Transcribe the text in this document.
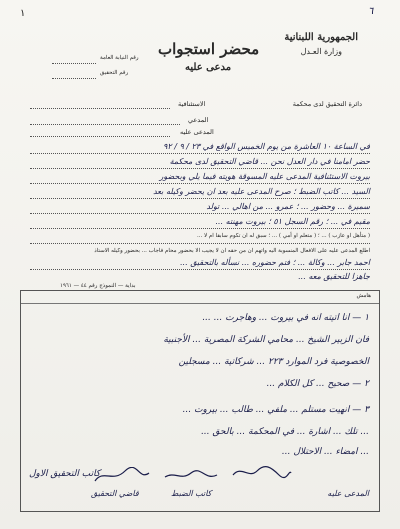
١	٦
الجمهورية اللبنانية
وزارة العـدل
محضر استجواب
مدعى عليه
رقم النيابة العامة
رقم التحقيق
دائرة التحقيق لدى محكمة
الاستئنافية
المدعي
المدعى عليه
في الساعة ١٠ العاشرة من يوم الخميس الواقع في ٢٣ / ٩ / ٩٢
حضر امامنا في دار العدل نحن ... قاضي التحقيق لدى محكمة
بيروت الاستئنافية المدعى عليه المسوقة هويته فيما يلي وبحضور
السيد ... كاتب الضبط ؛ صرح المدعى عليه بعد ان يحضر وكيله بعد
سميرة ... وحضور ... ؛ عمرو ... من اهالي ... تولد
مقيم في ... ؛ رقم السجل ٥١ ؛ بيروت مهنته ...
( متأهل او عازب ) ... ؛ ( متعلم او أمي ) ... ؛ سبق له ان تكوم سابقا ام لا ...
اطلع المدعى عليه على الافعال المنسوبة اليه واتهم ان من حقه ان لا يجيب الا بحضور محام فاجاب ... بحضور وكيله الاستاذ
احمد جابر ... وكالة ... ؛ فتم حضوره ... نسأله بالتحقيق ...
جاهزا للتحقيق معه ...
بداية — النموذج رقم ٤٤ — ١٩٦١
هامش
١ — انا اتيته انه في بيروت ... وهاجرت ... ...
فان الزبير الشيخ ... محامي الشركة المصرية ... الأجنبية
الخصوصية فرد الموارد ٢٢٣ ... شركاتية ... مسجلين
٢ — صحيح ... كل الكلام ...
٣ — انهيت مستلم ... ملفي ... طالب ... بيروت ...
... تلك ... اشارة ... في المحكمة ... بالحق ...
... امضاء ... الاحتلال ...
كاتب التحقيق الاول
المدعى عليه
كاتب الضبط
قاضي التحقيق
